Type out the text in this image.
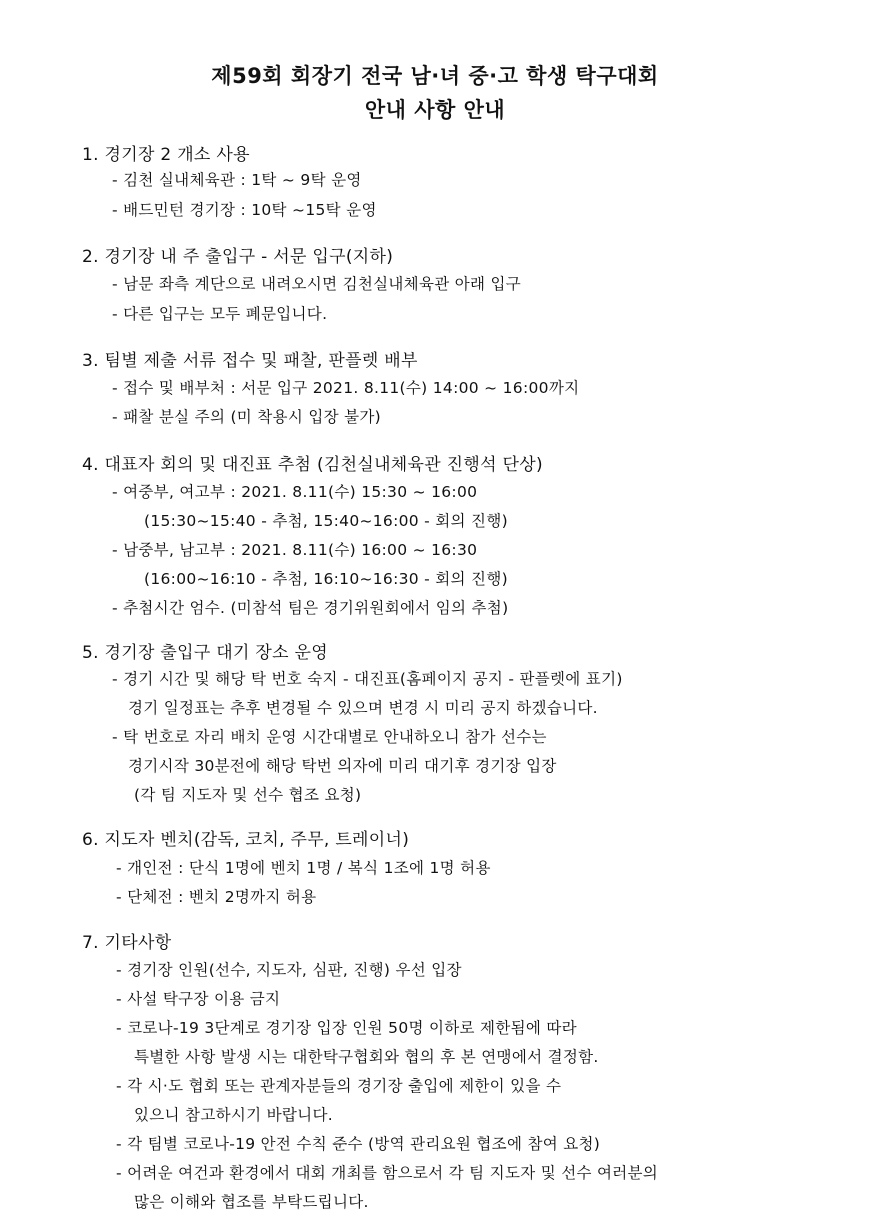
제59회 회장기 전국 남·녀 중·고 학생 탁구대회
안내 사항 안내
1. 경기장 2 개소 사용
- 김천 실내체육관 : 1탁 ~ 9탁 운영
- 배드민턴 경기장 : 10탁 ~15탁 운영
2. 경기장 내 주 출입구 - 서문 입구(지하)
- 남문 좌측 계단으로 내려오시면 김천실내체육관 아래 입구
- 다른 입구는 모두 폐문입니다.
3. 팀별 제출 서류 접수 및 패찰, 판플렛 배부
- 접수 및 배부처 : 서문 입구 2021. 8.11(수) 14:00 ~ 16:00까지
- 패찰 분실 주의 (미 착용시 입장 불가)
4. 대표자 회의 및 대진표 추첨 (김천실내체육관 진행석 단상)
- 여중부, 여고부 : 2021. 8.11(수) 15:30 ~ 16:00
(15:30~15:40 - 추첨, 15:40~16:00 - 회의 진행)
- 남중부, 남고부 : 2021. 8.11(수) 16:00 ~ 16:30
(16:00~16:10 - 추첨, 16:10~16:30 - 회의 진행)
- 추첨시간 엄수. (미참석 팀은 경기위원회에서 임의 추첨)
5. 경기장 출입구 대기 장소 운영
- 경기 시간 및 해당 탁 번호 숙지 - 대진표(홈페이지 공지 - 판플렛에 표기)
경기 일정표는 추후 변경될 수 있으며 변경 시 미리 공지 하겠습니다.
- 탁 번호로 자리 배치 운영 시간대별로 안내하오니 참가 선수는
경기시작 30분전에 해당 탁번 의자에 미리 대기후 경기장 입장
(각 팀 지도자 및 선수 협조 요청)
6. 지도자 벤치(감독, 코치, 주무, 트레이너)
- 개인전 : 단식 1명에 벤치 1명 / 복식 1조에 1명 허용
- 단체전 : 벤치 2명까지 허용
7. 기타사항
- 경기장 인원(선수, 지도자, 심판, 진행) 우선 입장
- 사설 탁구장 이용 금지
- 코로나-19 3단계로 경기장 입장 인원 50명 이하로 제한됨에 따라
특별한 사항 발생 시는 대한탁구협회와 협의 후 본 연맹에서 결정함.
- 각 시·도 협회 또는 관계자분들의 경기장 출입에 제한이 있을 수
있으니 참고하시기 바랍니다.
- 각 팀별 코로나-19 안전 수칙 준수 (방역 관리요원 협조에 참여 요청)
- 어려운 여건과 환경에서 대회 개최를 함으로서 각 팀 지도자 및 선수 여러분의
많은 이해와 협조를 부탁드립니다.
